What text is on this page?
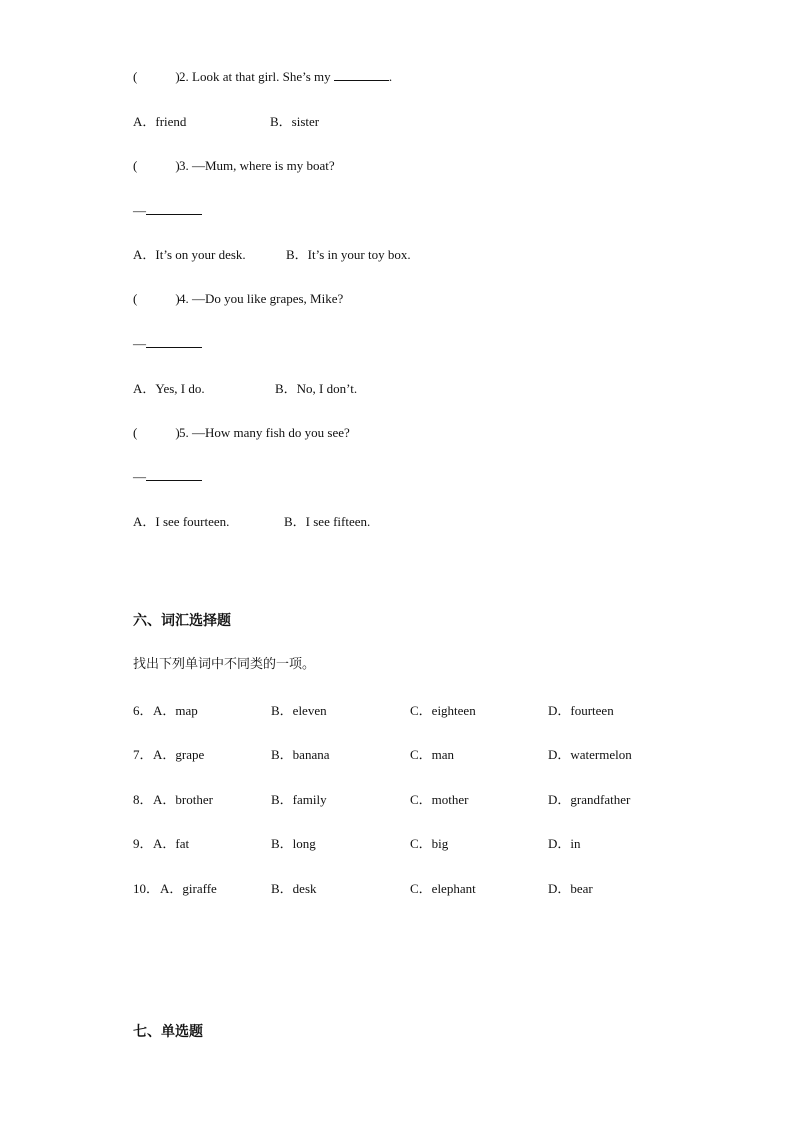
(	)2. Look at that girl. She’s my	.
A．friend	B．sister
(	)3. —Mum, where is my boat?
—
A．It’s on your desk.	B．It’s in your toy box.
(	)4. —Do you like grapes, Mike?
—
A．Yes, I do.	B．No, I don’t.
(	)5. —How many fish do you see?
—
A．I see fourteen.	B．I see fifteen.
六、词汇选择题
找出下列单词中不同类的一项。
6． A．map	B．eleven	C．eighteen	D．fourteen
7． A．grape	B．banana	C．man	D．watermelon
8． A．brother	B．family	C．mother	D．grandfather
9． A．fat	B．long	C．big	D．in
10． A．giraffe	B．desk	C．elephant	D．bear
七、单选题
